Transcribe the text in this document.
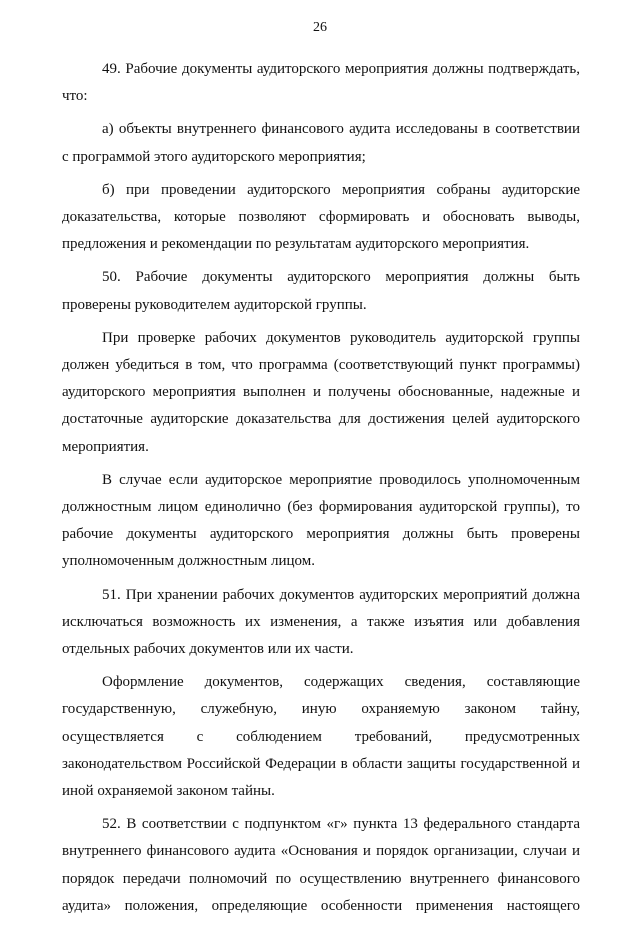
26

49. Рабочие документы аудиторского мероприятия должны подтверждать, что:

а) объекты внутреннего финансового аудита исследованы в соответствии с программой этого аудиторского мероприятия;

б) при проведении аудиторского мероприятия собраны аудиторские доказательства, которые позволяют сформировать и обосновать выводы, предложения и рекомендации по результатам аудиторского мероприятия.

50. Рабочие документы аудиторского мероприятия должны быть проверены руководителем аудиторской группы.

При проверке рабочих документов руководитель аудиторской группы должен убедиться в том, что программа (соответствующий пункт программы) аудиторского мероприятия выполнен и получены обоснованные, надежные и достаточные аудиторские доказательства для достижения целей аудиторского мероприятия.

В случае если аудиторское мероприятие проводилось уполномоченным должностным лицом единолично (без формирования аудиторской группы), то рабочие документы аудиторского мероприятия должны быть проверены уполномоченным должностным лицом.

51. При хранении рабочих документов аудиторских мероприятий должна исключаться возможность их изменения, а также изъятия или добавления отдельных рабочих документов или их части.

Оформление документов, содержащих сведения, составляющие государственную, служебную, иную охраняемую законом тайну, осуществляется с соблюдением требований, предусмотренных законодательством Российской Федерации в области защиты государственной и иной охраняемой законом тайны.

52. В соответствии с подпунктом «г» пункта 13 федерального стандарта внутреннего финансового аудита «Основания и порядок организации, случаи и порядок передачи полномочий по осуществлению внутреннего финансового аудита» положения, определяющие особенности применения настоящего
